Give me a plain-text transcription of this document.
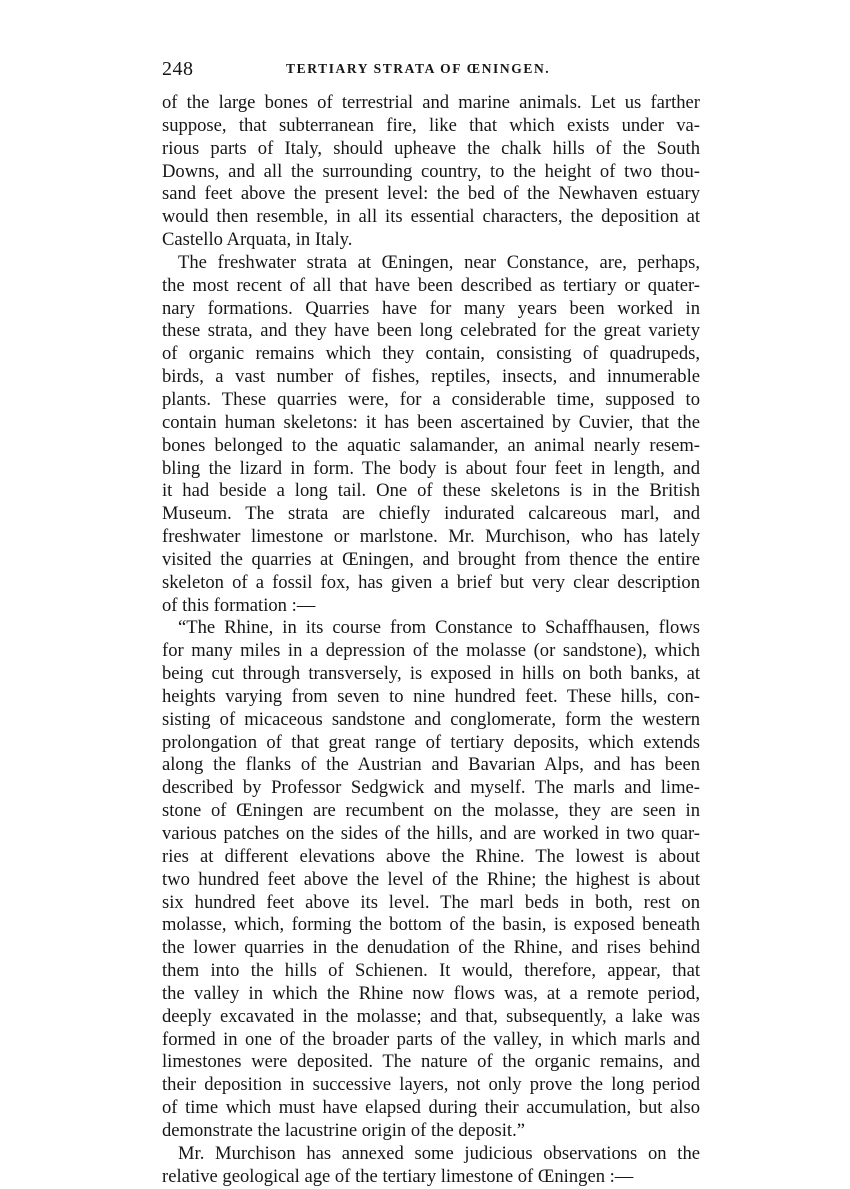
248	TERTIARY STRATA OF ŒNINGEN.

of the large bones of terrestrial and marine animals. Let us farther
suppose, that subterranean fire, like that which exists under va-
rious parts of Italy, should upheave the chalk hills of the South
Downs, and all the surrounding country, to the height of two thou-
sand feet above the present level: the bed of the Newhaven estuary
would then resemble, in all its essential characters, the deposition at
Castello Arquata, in Italy.

The freshwater strata at Œningen, near Constance, are, perhaps,
the most recent of all that have been described as tertiary or quater-
nary formations. Quarries have for many years been worked in
these strata, and they have been long celebrated for the great variety
of organic remains which they contain, consisting of quadrupeds,
birds, a vast number of fishes, reptiles, insects, and innumerable
plants. These quarries were, for a considerable time, supposed to
contain human skeletons: it has been ascertained by Cuvier, that the
bones belonged to the aquatic salamander, an animal nearly resem-
bling the lizard in form. The body is about four feet in length, and
it had beside a long tail. One of these skeletons is in the British
Museum. The strata are chiefly indurated calcareous marl, and
freshwater limestone or marlstone. Mr. Murchison, who has lately
visited the quarries at Œningen, and brought from thence the entire
skeleton of a fossil fox, has given a brief but very clear description
of this formation :—

“The Rhine, in its course from Constance to Schaffhausen, flows
for many miles in a depression of the molasse (or sandstone), which
being cut through transversely, is exposed in hills on both banks, at
heights varying from seven to nine hundred feet. These hills, con-
sisting of micaceous sandstone and conglomerate, form the western
prolongation of that great range of tertiary deposits, which extends
along the flanks of the Austrian and Bavarian Alps, and has been
described by Professor Sedgwick and myself. The marls and lime-
stone of Œningen are recumbent on the molasse, they are seen in
various patches on the sides of the hills, and are worked in two quar-
ries at different elevations above the Rhine. The lowest is about
two hundred feet above the level of the Rhine; the highest is about
six hundred feet above its level. The marl beds in both, rest on
molasse, which, forming the bottom of the basin, is exposed beneath
the lower quarries in the denudation of the Rhine, and rises behind
them into the hills of Schienen. It would, therefore, appear, that
the valley in which the Rhine now flows was, at a remote period,
deeply excavated in the molasse; and that, subsequently, a lake was
formed in one of the broader parts of the valley, in which marls and
limestones were deposited. The nature of the organic remains, and
their deposition in successive layers, not only prove the long period
of time which must have elapsed during their accumulation, but also
demonstrate the lacustrine origin of the deposit.”

Mr. Murchison has annexed some judicious observations on the
relative geological age of the tertiary limestone of Œningen :—
